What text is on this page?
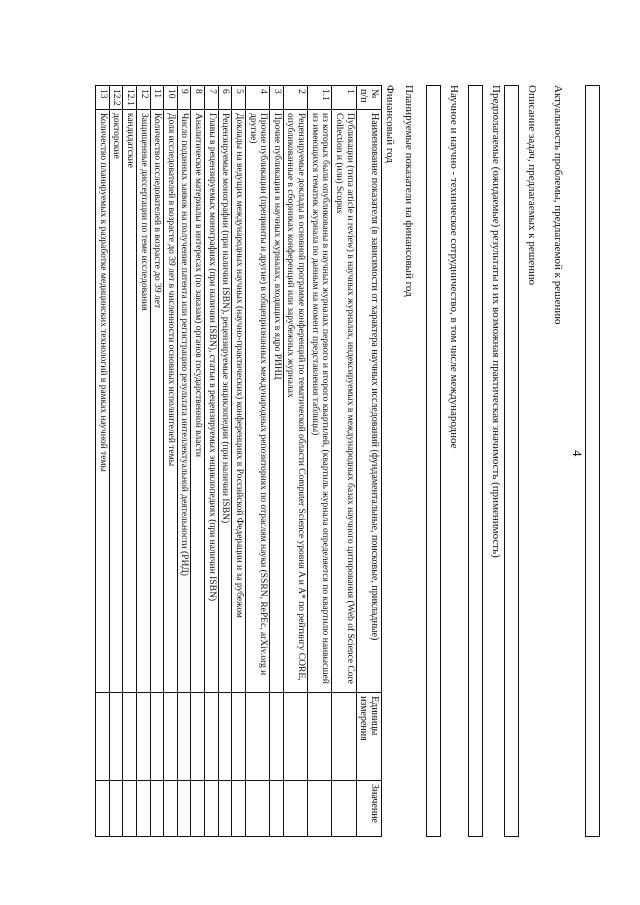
4
Актуальность проблемы, предлагаемой к решению
Описание задач, предлагаемых к решению
Предполагаемые (ожидаемые) результаты и их возможная практическая значимость (применимость)
Научное и научно - техническое сотрудничество, в том числе международное
Планируемые показатели на финансовый год
Финансовый год
№ п/п	Наименование показателя (в зависимости от характера научных исследований (фундаментальные, поисковые, прикладные)	Единицы измерения	Значение
1	Публикации (типа article и review) в научных журналах, индексируемых в международных базах научного цитирования (Web of Science Core Collection и (или) Scopus		
1.1	из которых были опубликованы в научных журналах первого и второго квартилей, (квартиль журнала определяется по квартилю наивысшей из имеющихся тематик журнала по данным на момент представления таблицы)		
2	Рецензируемые доклады в основной программе конференций по тематической области Computer Science уровня A и A* по рейтингу CORE, опубликованные в сборниках конференций или зарубежных журналах		
3	Прочие публикации в научных журналах, входящих в ядро РИНЦ		
4	Прочие публикации (препринты и другие) в общепризнанных международных репозиториях по отраслям науки (SSRN, RePEc, arXiv.org и другие)		
5	Доклады на ведущих международных научных (научно-практических) конференциях в Российской Федерации и за рубежом		
6	Рецензируемые монографии (при наличии ISBN), рецензируемые энциклопедии (при наличии ISBN)		
7	Главы в рецензируемых монографиях (при наличии ISBN), статьи в рецензируемых энциклопедиях (при наличии ISBN)		
8	Аналитические материалы в интересах (по заказам) органов государственной власти		
9	Число поданных заявок на получение патента или регистрацию результата интеллектуальной деятельности (РИД)		
10	Доля исследователей в возрасте до 39 лет в численности основных исполнителей темы		
11	Количество исследователей в возрасте до 39 лет		
12	Защищенные диссертации по теме исследования		
12.1	кандидатские		
12.2	докторские		
13	Количество планируемых к разработке медицинских технологий в рамках научной темы		
